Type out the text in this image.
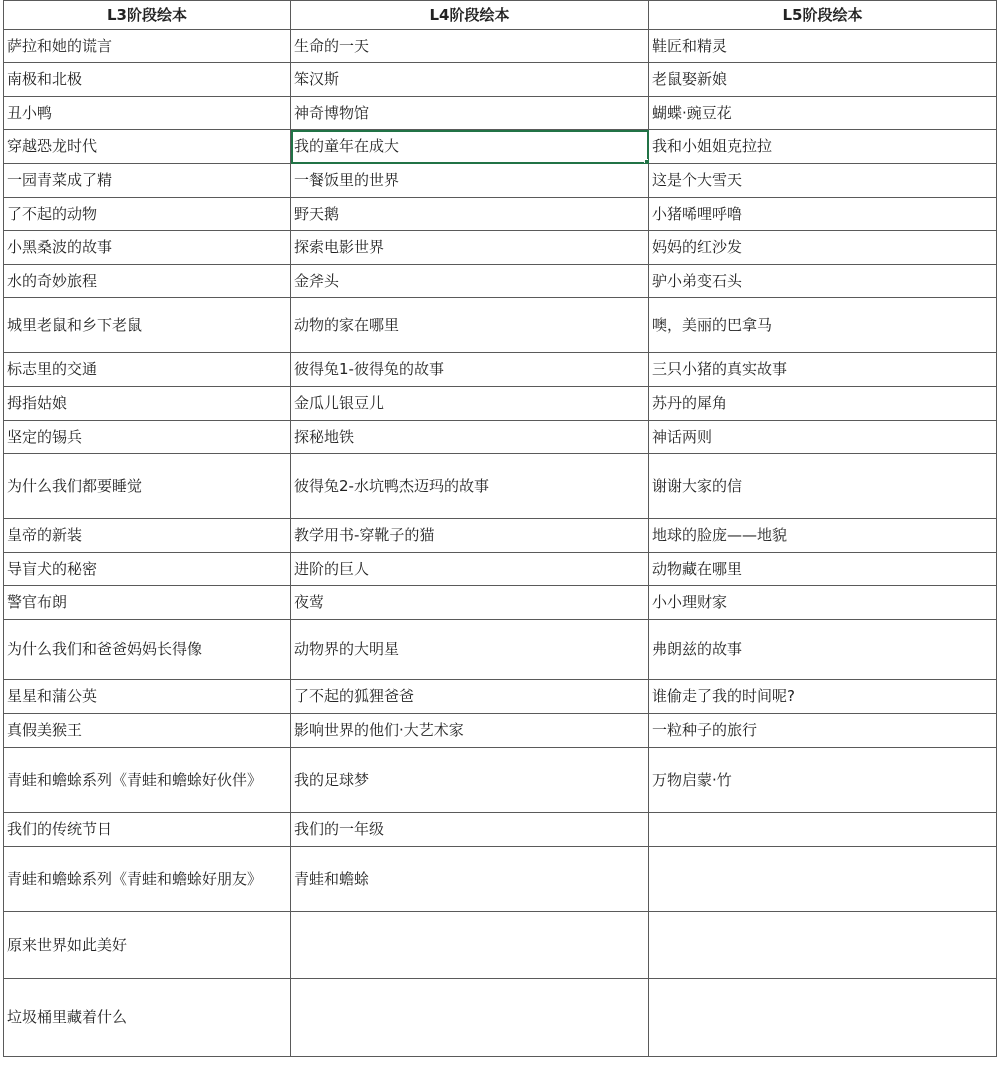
L3阶段绘本	L4阶段绘本	L5阶段绘本
萨拉和她的谎言	生命的一天	鞋匠和精灵
南极和北极	笨汉斯	老鼠娶新娘
丑小鸭	神奇博物馆	蝴蝶·豌豆花
穿越恐龙时代	我的童年在成大	我和小姐姐克拉拉
一园青菜成了精	一餐饭里的世界	这是个大雪天
了不起的动物	野天鹅	小猪唏哩呼噜
小黑桑波的故事	探索电影世界	妈妈的红沙发
水的奇妙旅程	金斧头	驴小弟变石头
城里老鼠和乡下老鼠	动物的家在哪里	噢，美丽的巴拿马
标志里的交通	彼得兔1-彼得兔的故事	三只小猪的真实故事
拇指姑娘	金瓜儿银豆儿	苏丹的犀角
坚定的锡兵	探秘地铁	神话两则
为什么我们都要睡觉	彼得兔2-水坑鸭杰迈玛的故事	谢谢大家的信
皇帝的新装	教学用书-穿靴子的猫	地球的脸庞——地貌
导盲犬的秘密	进阶的巨人	动物藏在哪里
警官布朗	夜莺	小小理财家
为什么我们和爸爸妈妈长得像	动物界的大明星	弗朗兹的故事
星星和蒲公英	了不起的狐狸爸爸	谁偷走了我的时间呢?
真假美猴王	影响世界的他们·大艺术家	一粒种子的旅行
青蛙和蟾蜍系列《青蛙和蟾蜍好伙伴》	我的足球梦	万物启蒙·竹
我们的传统节日	我们的一年级	
青蛙和蟾蜍系列《青蛙和蟾蜍好朋友》	青蛙和蟾蜍	
原来世界如此美好		
垃圾桶里藏着什么		
